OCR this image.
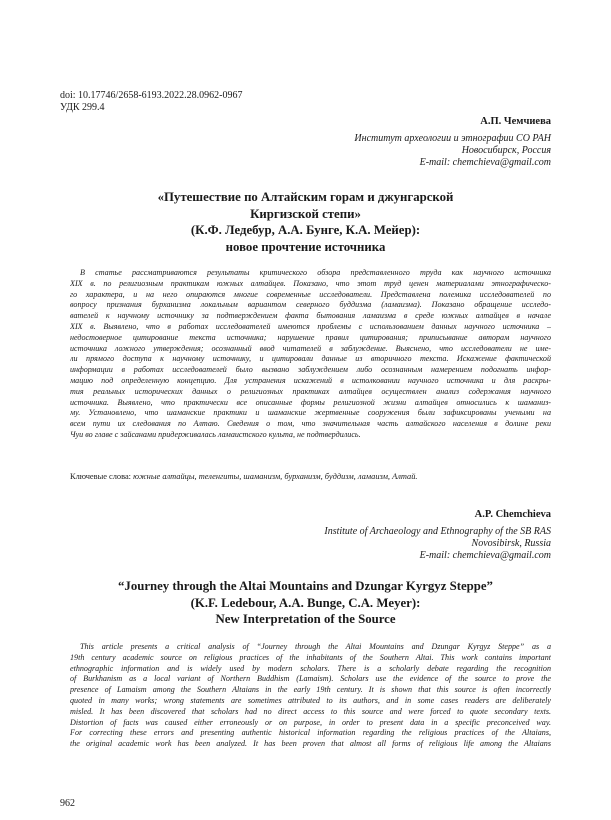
doi: 10.17746/2658-6193.2022.28.0962-0967
УДК 299.4
А.П. Чемчиева
Институт археологии и этнографии СО РАН
Новосибирск, Россия
E-mail: chemchieva@gmail.com
«Путешествие по Алтайским горам и джунгарской
Киргизской степи»
(К.Ф. Ледебур, А.А. Бунге, К.А. Мейер):
новое прочтение источника
В статье рассматриваются результаты критического обзора представленного труда как научного источника
XIX в. по религиозным практикам южных алтайцев. Показано, что этот труд ценен материалами этнографическо-
го характера, и на него опираются многие современные исследователи. Представлена полемика исследователей по
вопросу признания бурханизма локальным вариантом северного буддизма (ламаизма). Показано обращение исследо-
вателей к научному источнику за подтверждением факта бытования ламаизма в среде южных алтайцев в начале
XIX в. Выявлено, что в работах исследователей имеются проблемы с использованием данных научного источника –
недостоверное цитирование текста источника; нарушение правил цитирования; приписывание авторам научного
источника ложного утверждения; осознанный ввод читателей в заблуждение. Выяснено, что исследователи не име-
ли прямого доступа к научному источнику, и цитировали данные из вторичного текста. Искажение фактической
информации в работах исследователей было вызвано заблуждением либо осознанным намерением подогнать инфор-
мацию под определенную концепцию. Для устранения искажений в истолковании научного источника и для раскры-
тия реальных исторических данных о религиозных практиках алтайцев осуществлен анализ содержания научного
источника. Выявлено, что практически все описанные формы религиозной жизни алтайцев относились к шаманиз-
му. Установлено, что шаманские практики и шаманские жертвенные сооружения были зафиксированы учеными на
всем пути их следования по Алтаю. Сведения о том, что значительная часть алтайского населения в долине реки
Чуи во главе с зайсанами придерживалась ламаистского культа, не подтвердились.
Ключевые слова: южные алтайцы, теленгиты, шаманизм, бурханизм, буддизм, ламаизм, Алтай.
A.P. Chemchieva
Institute of Archaeology and Ethnography of the SB RAS
Novosibirsk, Russia
E-mail: chemchieva@gmail.com
“Journey through the Altai Mountains and Dzungar Kyrgyz Steppe”
(K.F. Ledebour, A.A. Bunge, C.A. Meyer):
New Interpretation of the Source
This article presents a critical analysis of “Journey through the Altai Mountains and Dzungar Kyrgyz Steppe” as a
19th century academic source on religious practices of the inhabitants of the Southern Altai. This work contains important
ethnographic information and is widely used by modern scholars. There is a scholarly debate regarding the recognition
of Burkhanism as a local variant of Northern Buddhism (Lamaism). Scholars use the evidence of the source to prove the
presence of Lamaism among the Southern Altaians in the early 19th century. It is shown that this source is often incorrectly
quoted in many works; wrong statements are sometimes attributed to its authors, and in some cases readers are deliberately
misled. It has been discovered that scholars had no direct access to this source and were forced to quote secondary texts.
Distortion of facts was caused either erroneously or on purpose, in order to present data in a specific preconceived way.
For correcting these errors and presenting authentic historical information regarding the religious practices of the Altaians,
the original academic work has been analyzed. It has been proven that almost all forms of religious life among the Altaians
962
